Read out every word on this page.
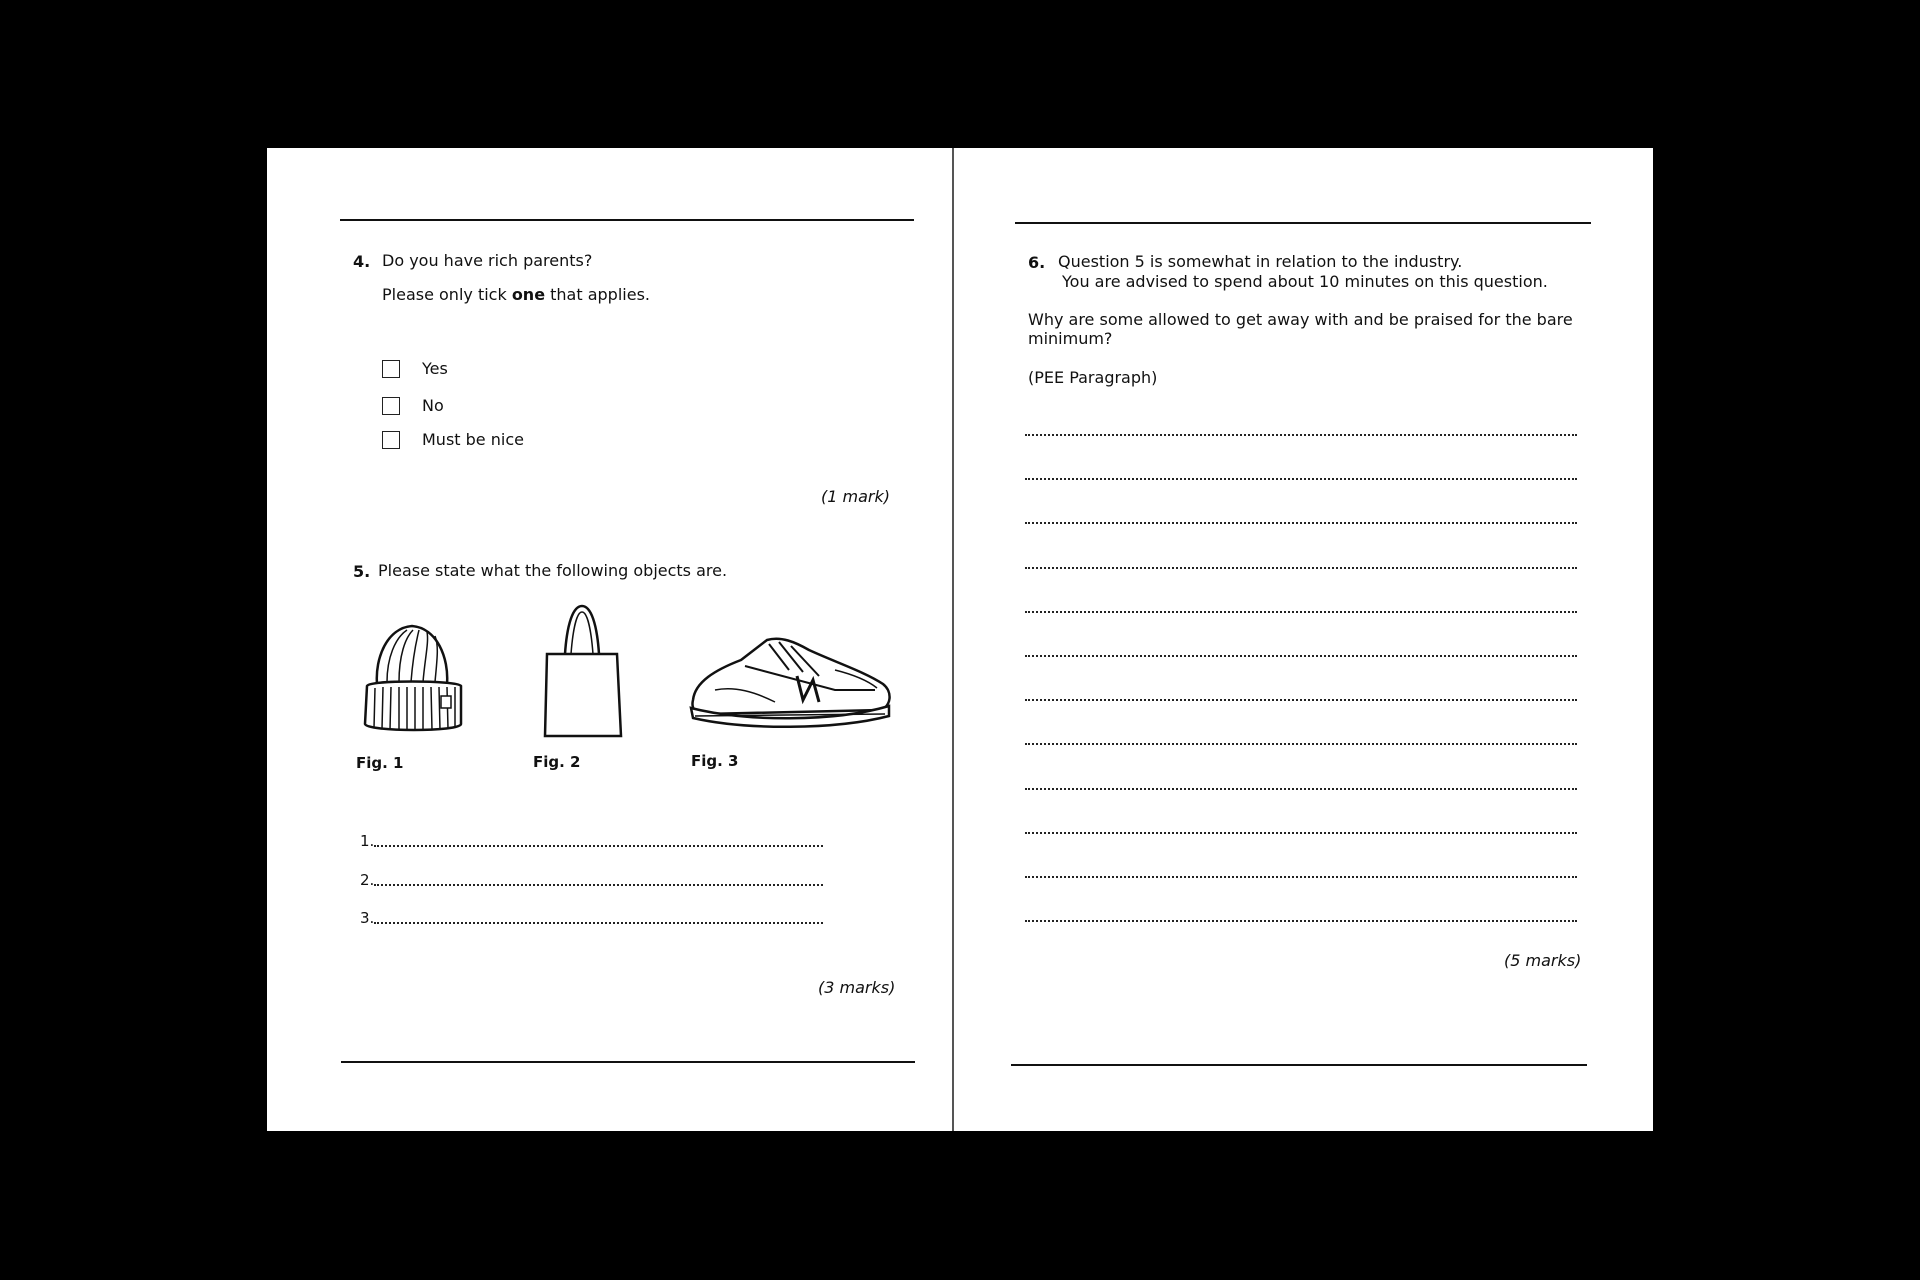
4. Do you have rich parents?
Please only tick one that applies.
Yes
No
Must be nice
(1 mark)
5. Please state what the following objects are.
Fig. 1	Fig. 2	Fig. 3
1.
2.
3.
(3 marks)
6. Question 5 is somewhat in relation to the industry.
You are advised to spend about 10 minutes on this question.
Why are some allowed to get away with and be praised for the bare
minimum?
(PEE Paragraph)
(5 marks)
